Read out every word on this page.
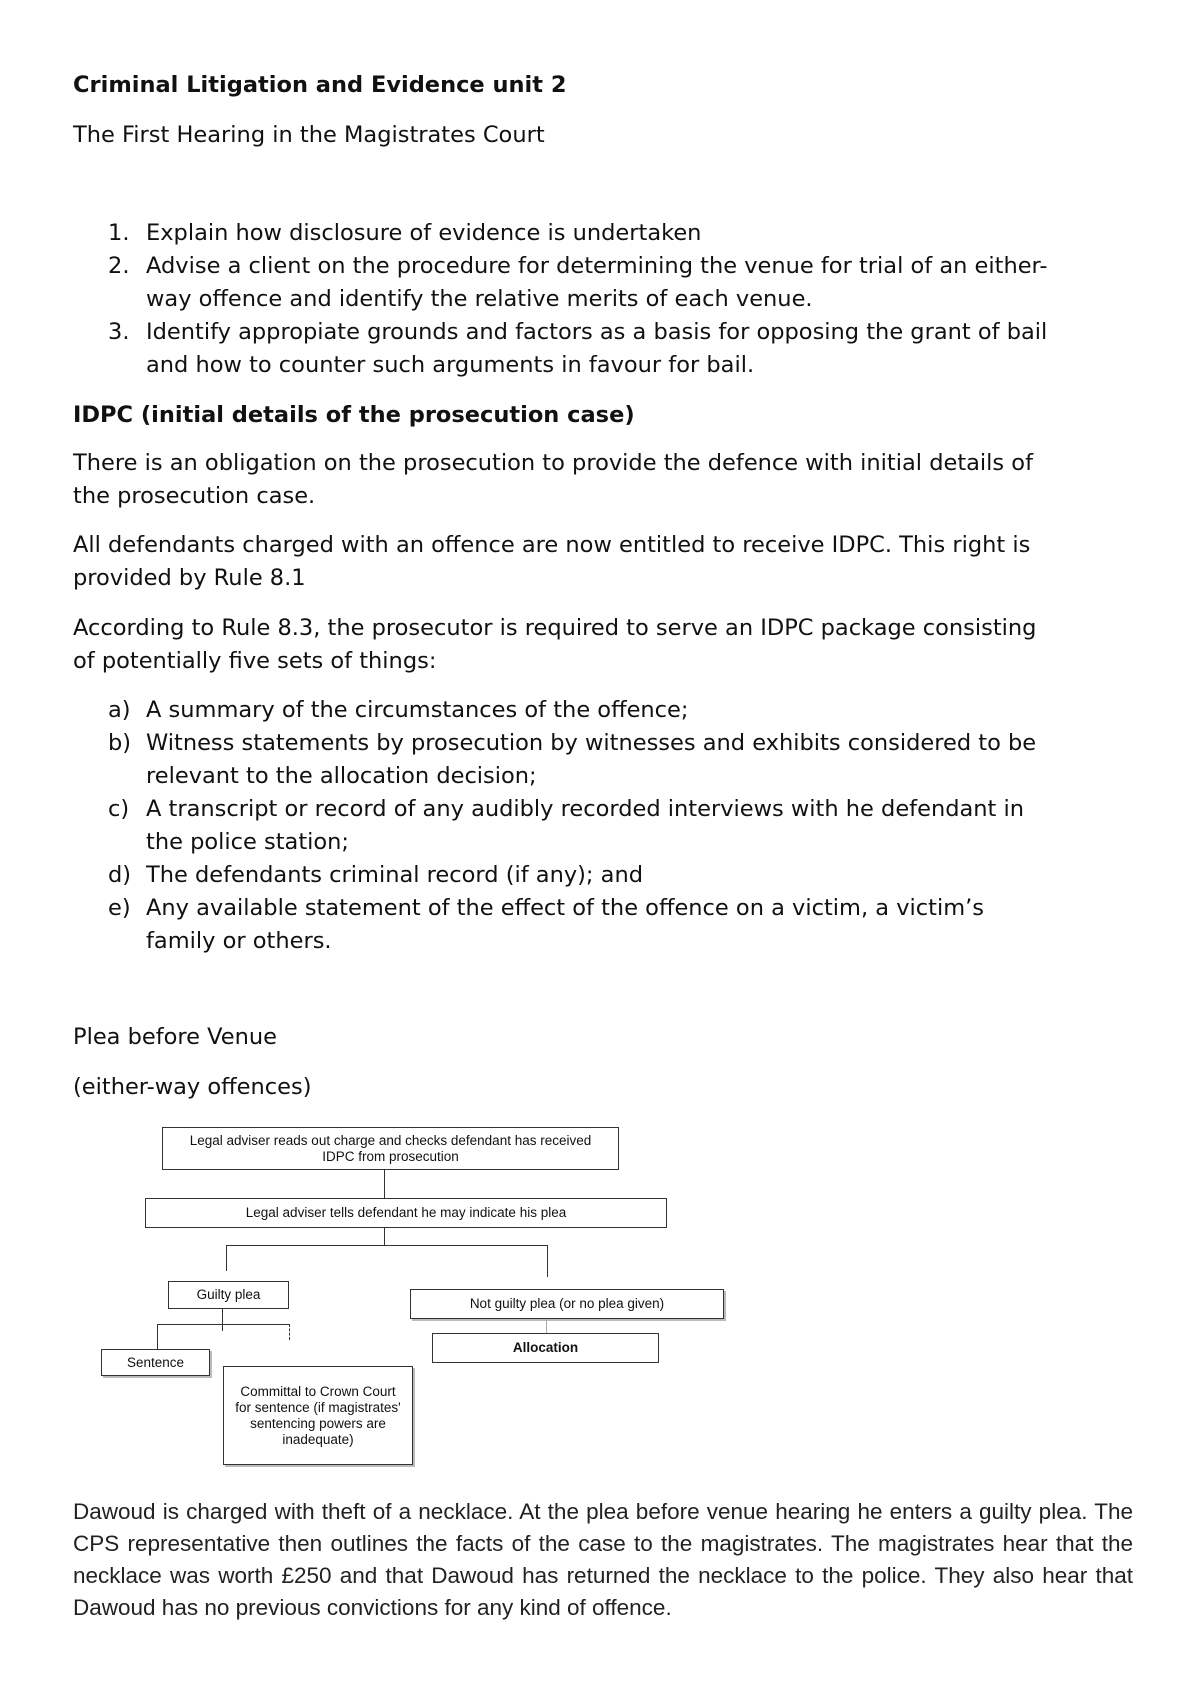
Criminal Litigation and Evidence unit 2

The First Hearing in the Magistrates Court

1. Explain how disclosure of evidence is undertaken
2. Advise a client on the procedure for determining the venue for trial of an either-
way offence and identify the relative merits of each venue.
3. Identify appropiate grounds and factors as a basis for opposing the grant of bail
and how to counter such arguments in favour for bail.

IDPC (initial details of the prosecution case)

There is an obligation on the prosecution to provide the defence with initial details of
the prosecution case.
All defendants charged with an offence are now entitled to receive IDPC. This right is
provided by Rule 8.1
According to Rule 8.3, the prosecutor is required to serve an IDPC package consisting
of potentially five sets of things:
a) A summary of the circumstances of the offence;
b) Witness statements by prosecution by witnesses and exhibits considered to be
relevant to the allocation decision;
c) A transcript or record of any audibly recorded interviews with he defendant in
the police station;
d) The defendants criminal record (if any); and
e) Any available statement of the effect of the offence on a victim, a victim’s
family or others.

Plea before Venue

(either-way offences)

Legal adviser reads out charge and checks defendant has received
IDPC from prosecution
Legal adviser tells defendant he may indicate his plea
Guilty plea
Not guilty plea (or no plea given)
Allocation
Sentence
Committal to Crown Court
for sentence (if magistrates'
sentencing powers are
inadequate)

Dawoud is charged with theft of a necklace. At the plea before venue hearing he enters a guilty plea. The CPS representative then outlines the facts of the case to the magistrates. The magistrates hear that the necklace was worth £250 and that Dawoud has returned the necklace to the police. They also hear that Dawoud has no previous convictions for any kind of offence.
